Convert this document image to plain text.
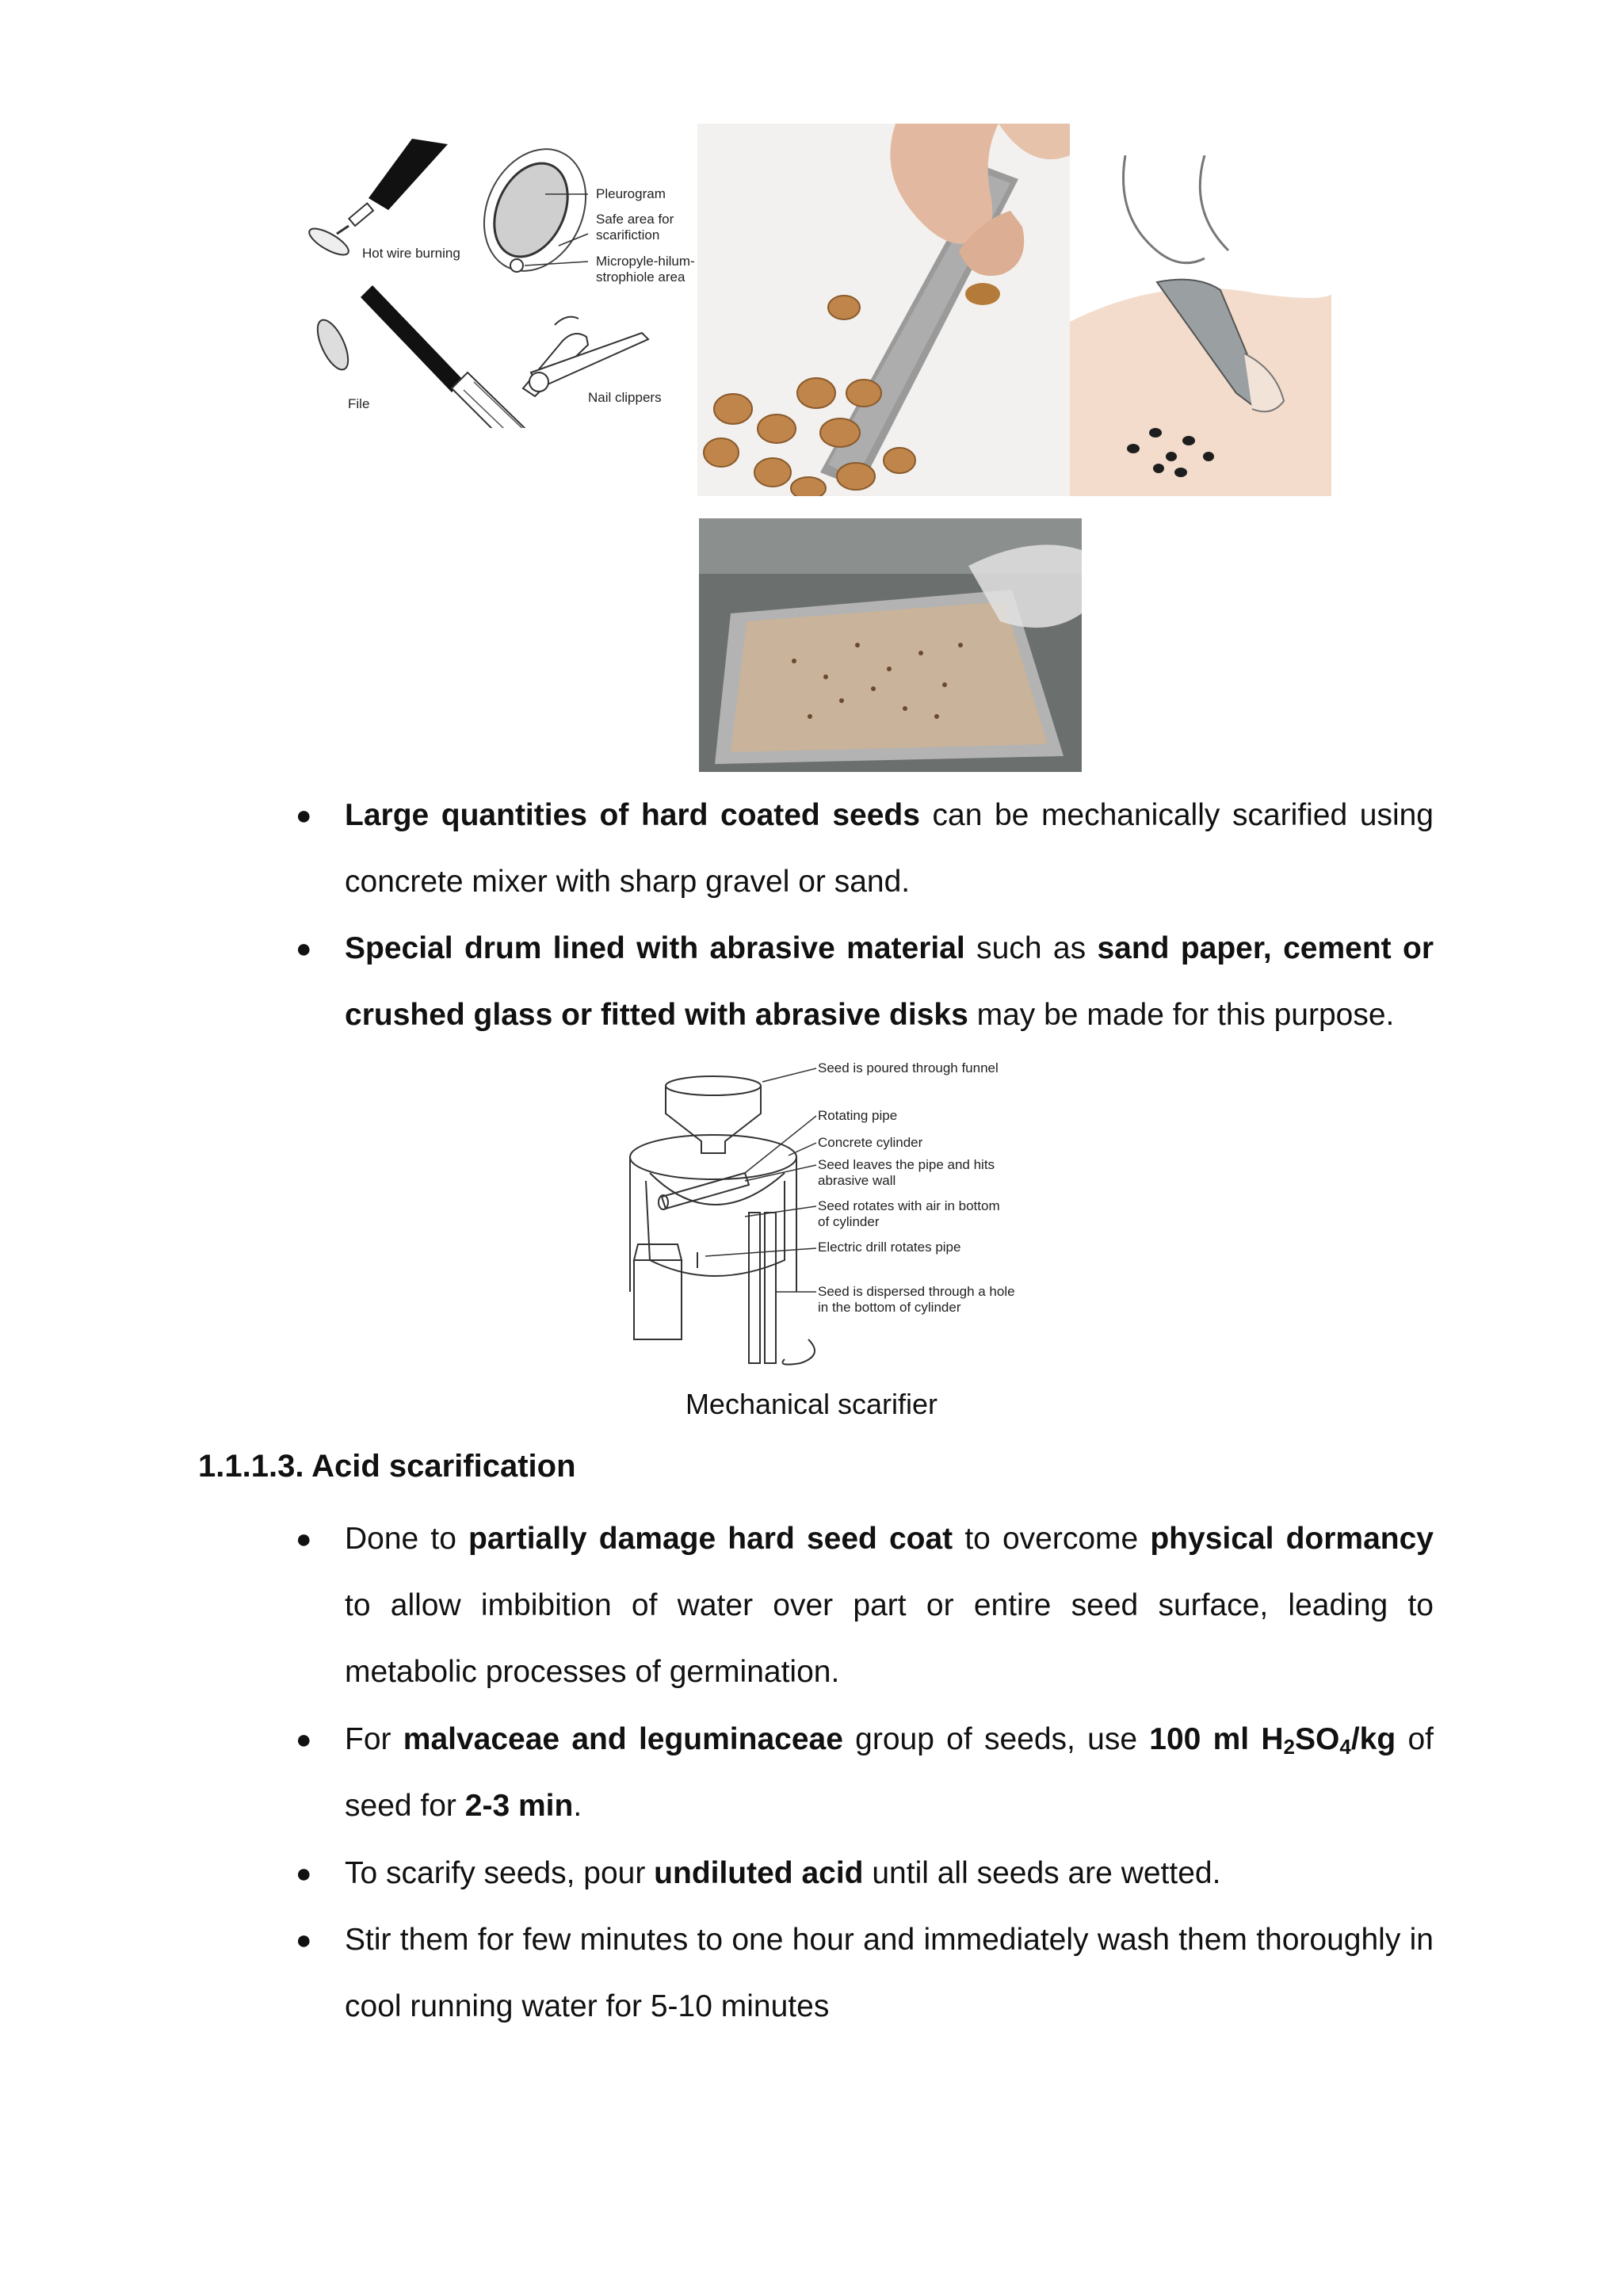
Hot wire burning
Pleurogram
Safe area for scarifiction
Micropyle-hilum-strophiole area
File	Nail clippers
● Large quantities of hard coated seeds can be mechanically scarified using concrete mixer with sharp gravel or sand.
● Special drum lined with abrasive material such as sand paper, cement or crushed glass or fitted with abrasive disks may be made for this purpose.
Seed is poured through funnel
Rotating pipe
Concrete cylinder
Seed leaves the pipe and hits abrasive wall
Seed rotates with air in bottom of cylinder
Electric drill rotates pipe
Seed is dispersed through a hole in the bottom of cylinder
Mechanical scarifier
1.1.1.3. Acid scarification
● Done to partially damage hard seed coat to overcome physical dormancy to allow imbibition of water over part or entire seed surface, leading to metabolic processes of germination.
● For malvaceae and leguminaceae group of seeds, use 100 ml $H_2SO_4/kg$ of seed for 2-3 min.
● To scarify seeds, pour undiluted acid until all seeds are wetted.
● Stir them for few minutes to one hour and immediately wash them thoroughly in cool running water for 5-10 minutes
